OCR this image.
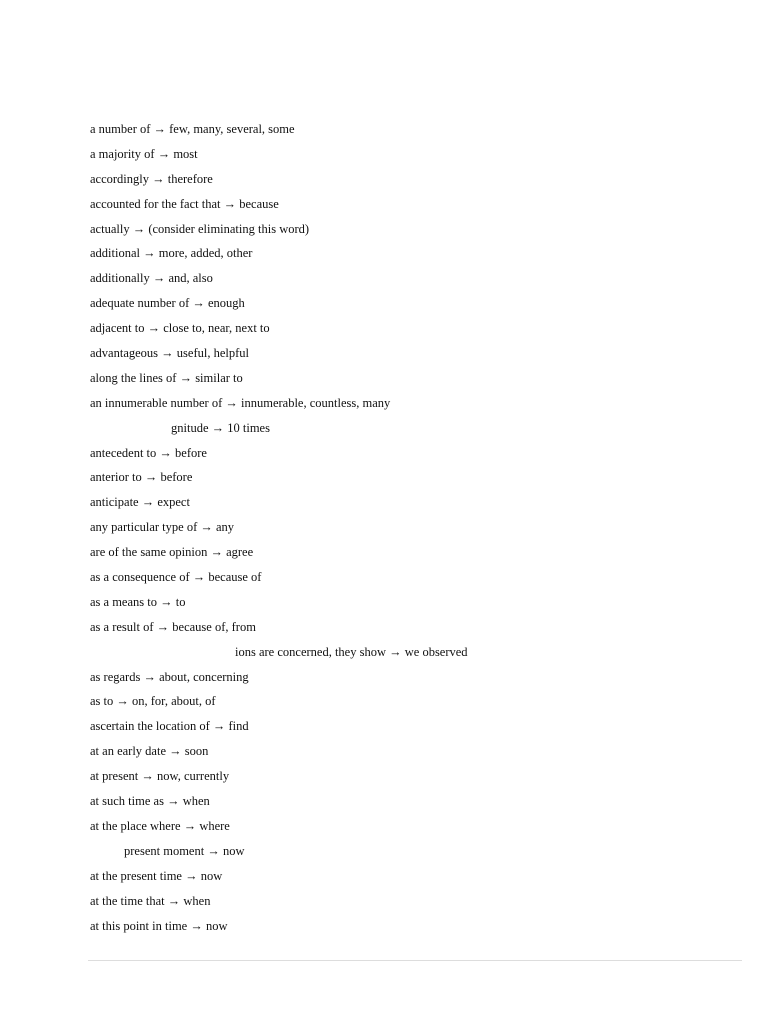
a number of → few, many, several, some
a majority of → most
accordingly → therefore
accounted for the fact that → because
actually → (consider eliminating this word)
additional → more, added, other
additionally → and, also
adequate number of → enough
adjacent to → close to, near, next to
advantageous → useful, helpful
along the lines of → similar to
an innumerable number of → innumerable, countless, many
gnitude → 10 times
antecedent to → before
anterior to → before
anticipate → expect
any particular type of → any
are of the same opinion → agree
as a consequence of → because of
as a means to → to
as a result of → because of, from
ions are concerned, they show → we observed
as regards → about, concerning
as to → on, for, about, of
ascertain the location of → find
at an early date → soon
at present → now, currently
at such time as → when
at the place where → where
present moment → now
at the present time → now
at the time that → when
at this point in time → now
